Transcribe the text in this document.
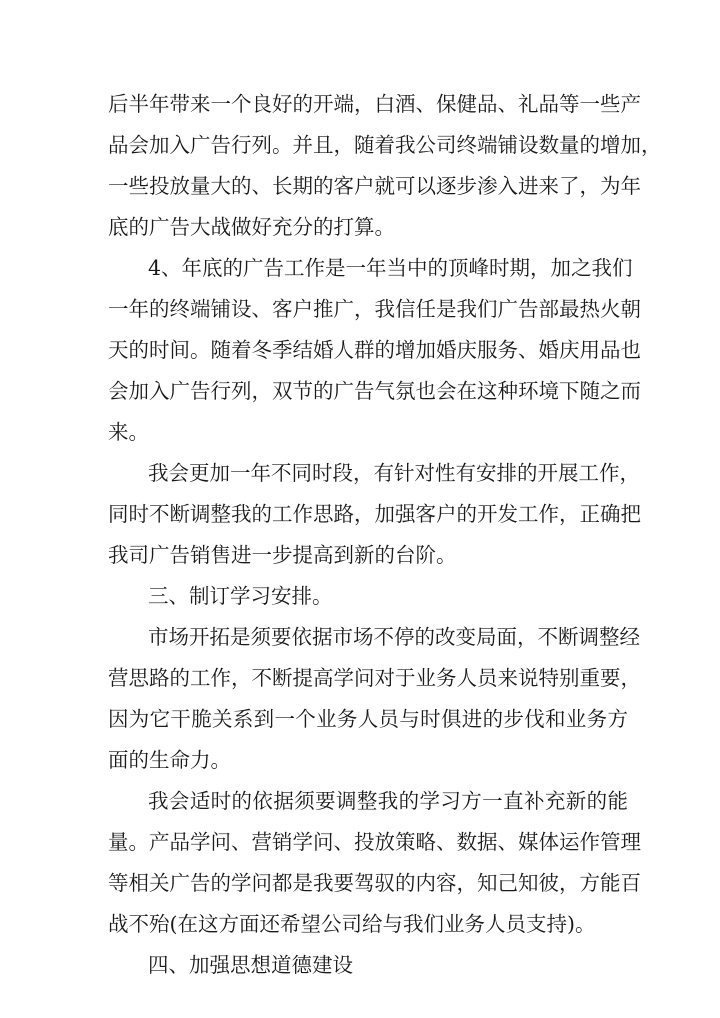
后半年带来一个良好的开端，白酒、保健品、礼品等一些产
品会加入广告行列。并且，随着我公司终端铺设数量的增加，
一些投放量大的、长期的客户就可以逐步渗入进来了，为年
底的广告大战做好充分的打算。
4、年底的广告工作是一年当中的顶峰时期，加之我们
一年的终端铺设、客户推广，我信任是我们广告部最热火朝
天的时间。随着冬季结婚人群的增加婚庆服务、婚庆用品也
会加入广告行列，双节的广告气氛也会在这种环境下随之而
来。
我会更加一年不同时段，有针对性有安排的开展工作，
同时不断调整我的工作思路，加强客户的开发工作，正确把
我司广告销售进一步提高到新的台阶。
三、制订学习安排。
市场开拓是须要依据市场不停的改变局面，不断调整经
营思路的工作，不断提高学问对于业务人员来说特别重要，
因为它干脆关系到一个业务人员与时俱进的步伐和业务方
面的生命力。
我会适时的依据须要调整我的学习方一直补充新的能
量。产品学问、营销学问、投放策略、数据、媒体运作管理
等相关广告的学问都是我要驾驭的内容，知己知彼，方能百
战不殆(在这方面还希望公司给与我们业务人员支持)。
四、加强思想道德建设
